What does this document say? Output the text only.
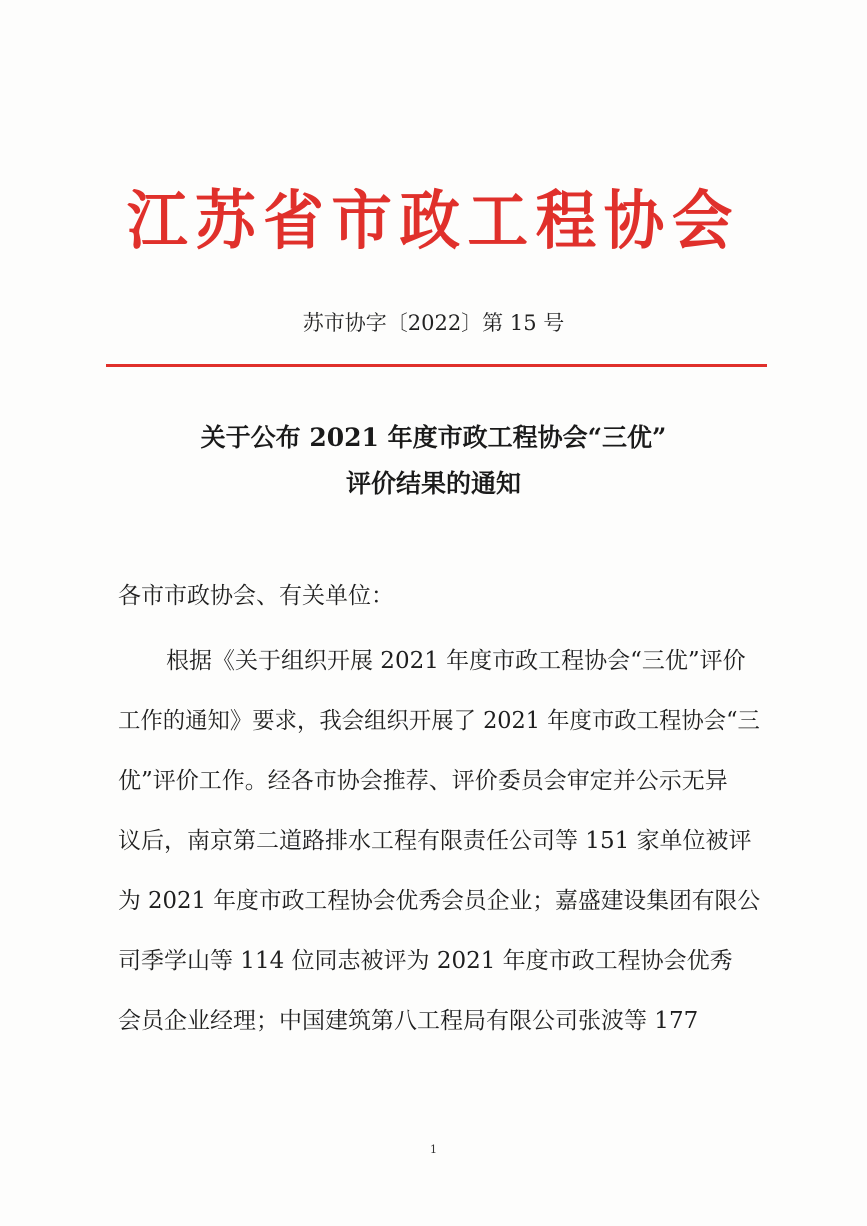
江苏省市政工程协会
苏市协字〔2022〕第 15 号
关于公布 2021 年度市政工程协会“三优”
评价结果的通知
各市市政协会、有关单位：
根据《关于组织开展 2021 年度市政工程协会“三优”评价
工作的通知》要求，我会组织开展了 2021 年度市政工程协会“三
优”评价工作。经各市协会推荐、评价委员会审定并公示无异
议后，南京第二道路排水工程有限责任公司等 151 家单位被评
为 2021 年度市政工程协会优秀会员企业；嘉盛建设集团有限公
司季学山等 114 位同志被评为 2021 年度市政工程协会优秀
会员企业经理；中国建筑第八工程局有限公司张波等 177
1
